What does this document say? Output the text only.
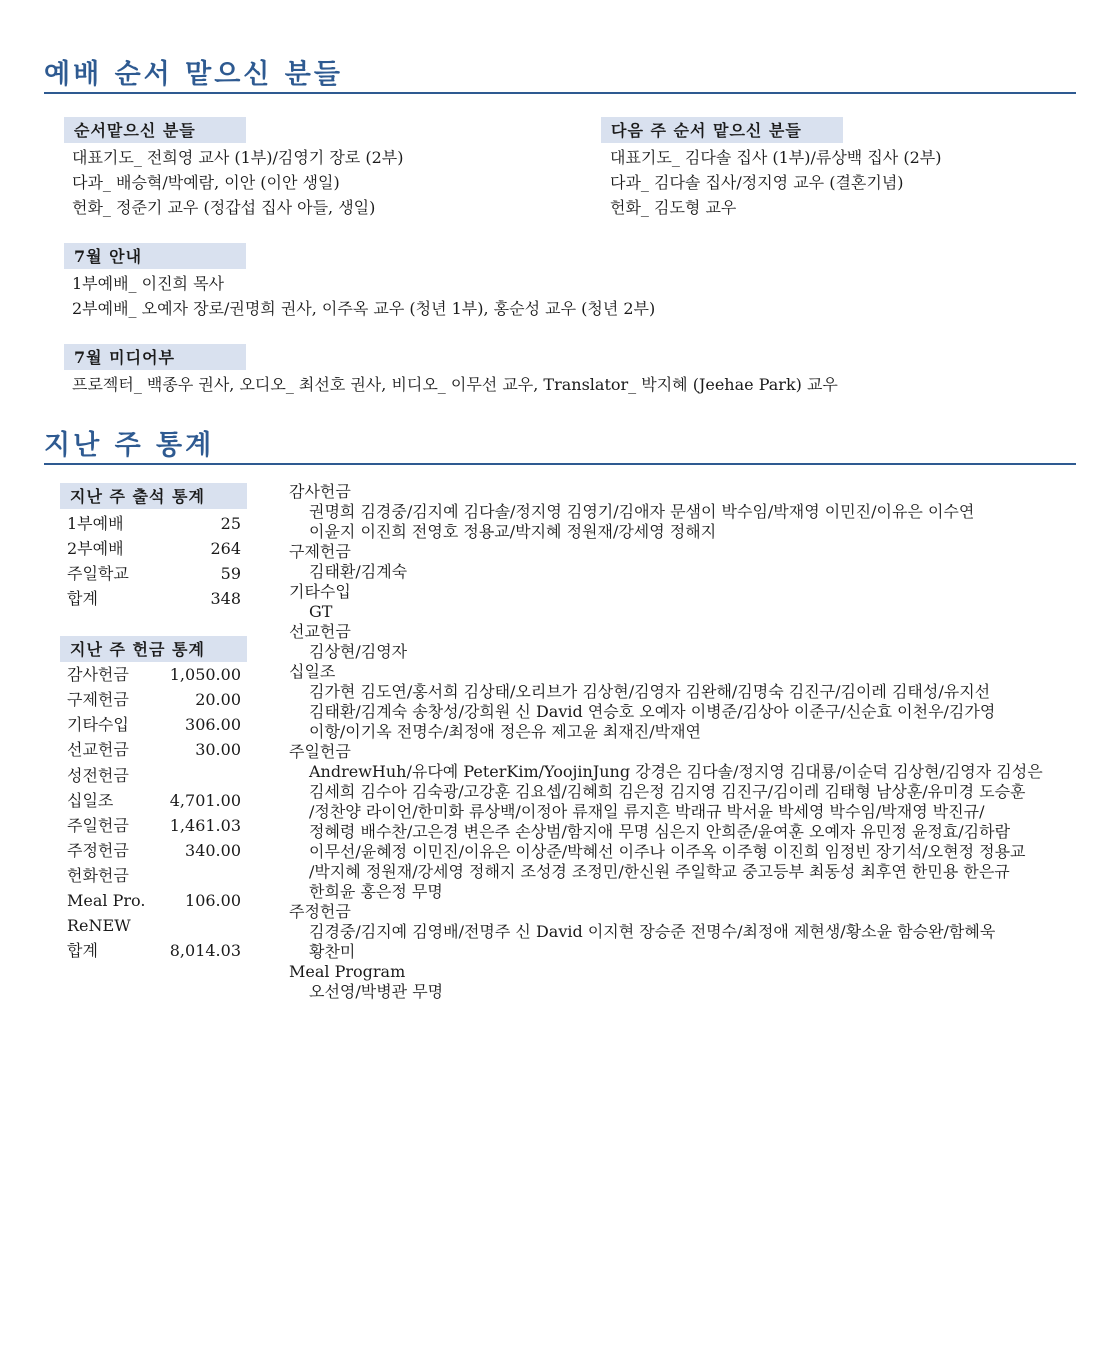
예배 순서 맡으신 분들
순서맡으신 분들
대표기도_ 전희영 교사 (1부)/김영기 장로 (2부)
다과_ 배승혁/박예람, 이안 (이안 생일)
헌화_ 정준기 교우 (정갑섭 집사 아들, 생일)
다음 주 순서 맡으신 분들
대표기도_ 김다솔 집사 (1부)/류상백 집사 (2부)
다과_ 김다솔 집사/정지영 교우 (결혼기념)
헌화_ 김도형 교우
7월 안내
1부예배_ 이진희 목사
2부예배_ 오예자 장로/권명희 권사, 이주옥 교우 (청년 1부), 홍순성 교우 (청년 2부)
7월 미디어부
프로젝터_ 백종우 권사, 오디오_ 최선호 권사, 비디오_ 이무선 교우, Translator_ 박지혜 (Jeehae Park) 교우
지난 주 통계
지난 주 출석 통계
1부예배	25
2부예배	264
주일학교	59
합계	348
지난 주 헌금 통계
감사헌금	1,050.00
구제헌금	20.00
기타수입	306.00
선교헌금	30.00
성전헌금
십일조	4,701.00
주일헌금	1,461.03
주정헌금	340.00
헌화헌금
Meal Pro. 106.00
ReNEW
합계	8,014.03
감사헌금
권명희 김경중/김지예 김다솔/정지영 김영기/김애자 문샘이 박수임/박재영 이민진/이유은 이수연
이윤지 이진희 전영호 정용교/박지혜 정원재/강세영 정해지
구제헌금
김태환/김계숙
기타수입
GT
선교헌금
김상현/김영자
십일조
김가현 김도연/홍서희 김상태/오리브가 김상현/김영자 김완해/김명숙 김진구/김이레 김태성/유지선
김태환/김계숙 송창성/강희원 신 David 연승호 오예자 이병준/김상아 이준구/신순효 이천우/김가영
이항/이기옥 전명수/최정애 정은유 제고윤 최재진/박재연
주일헌금
AndrewHuh/유다예 PeterKim/YoojinJung 강경은 김다솔/정지영 김대룡/이순덕 김상현/김영자 김성은
김세희 김수아 김숙광/고강훈 김요셉/김혜희 김은정 김지영 김진구/김이레 김태형 남상훈/유미경 도승훈
/정찬양 라이언/한미화 류상백/이정아 류재일 류지흔 박래규 박서윤 박세영 박수임/박재영 박진규/
정혜령 배수찬/고은경 변은주 손상범/함지애 무명 심은지 안희준/윤여훈 오예자 유민정 윤정효/김하람
이무선/윤혜정 이민진/이유은 이상준/박혜선 이주나 이주옥 이주형 이진희 임정빈 장기석/오현정 정용교
/박지혜 정원재/강세영 정해지 조성경 조정민/한신원 주일학교 중고등부 최동성 최후연 한민용 한은규
한희윤 홍은정 무명
주정헌금
김경중/김지예 김영배/전명주 신 David 이지현 장승준 전명수/최정애 제현생/황소윤 함승완/함혜욱
황찬미
Meal Program
오선영/박병관 무명
